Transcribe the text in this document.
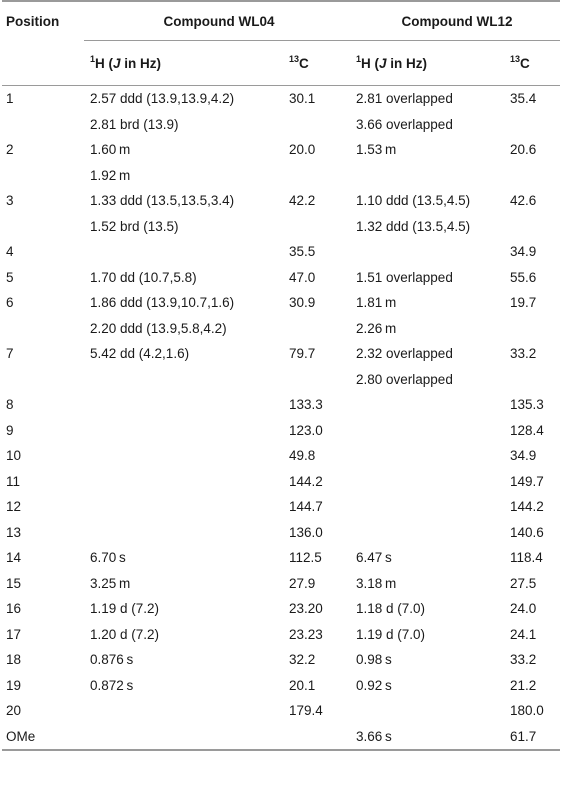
Position	Compound WL04		Compound WL12	
	$^1$H (J in Hz)	$^{13}$C	$^1$H (J in Hz)	$^{13}$C
1	2.57 ddd (13.9,13.9,4.2)	30.1	2.81 overlapped	35.4
	2.81 brd (13.9)		3.66 overlapped	
2	1.60 m	20.0	1.53 m	20.6
	1.92 m			
3	1.33 ddd (13.5,13.5,3.4)	42.2	1.10 ddd (13.5,4.5)	42.6
	1.52 brd (13.5)		1.32 ddd (13.5,4.5)	
4		35.5		34.9
5	1.70 dd (10.7,5.8)	47.0	1.51 overlapped	55.6
6	1.86 ddd (13.9,10.7,1.6)	30.9	1.81 m	19.7
	2.20 ddd (13.9,5.8,4.2)		2.26 m	
7	5.42 dd (4.2,1.6)	79.7	2.32 overlapped	33.2
			2.80 overlapped	
8		133.3		135.3
9		123.0		128.4
10		49.8		34.9
11		144.2		149.7
12		144.7		144.2
13		136.0		140.6
14	6.70 s	112.5	6.47 s	118.4
15	3.25 m	27.9	3.18 m	27.5
16	1.19 d (7.2)	23.20	1.18 d (7.0)	24.0
17	1.20 d (7.2)	23.23	1.19 d (7.0)	24.1
18	0.876 s	32.2	0.98 s	33.2
19	0.872 s	20.1	0.92 s	21.2
20		179.4		180.0
OMe			3.66 s	61.7
